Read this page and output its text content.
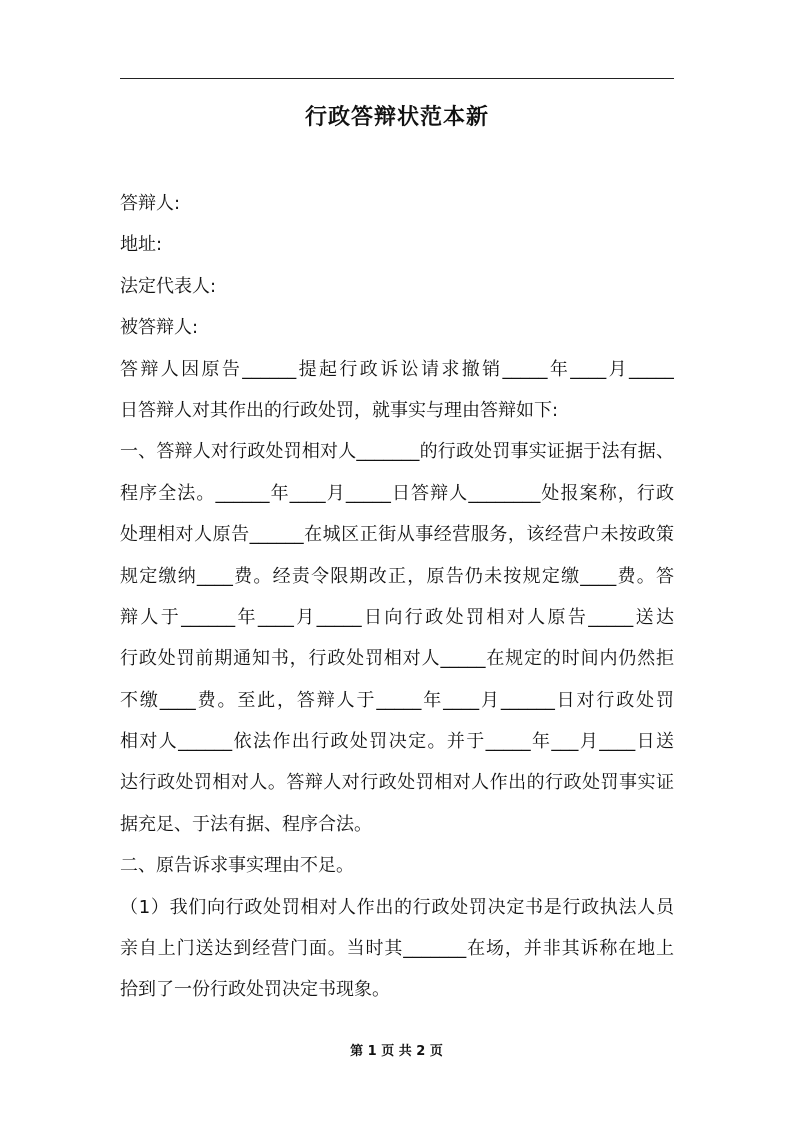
行政答辩状范本新
答辩人:
地址:
法定代表人:
被答辩人:
答辩人因原告______提起行政诉讼请求撤销_____年____月_____
日答辩人对其作出的行政处罚，就事实与理由答辩如下:
一、答辩人对行政处罚相对人_______的行政处罚事实证据于法有据、
程序全法。______年____月_____日答辩人________处报案称，行政
处理相对人原告______在城区正街从事经营服务，该经营户未按政策
规定缴纳____费。经责令限期改正，原告仍未按规定缴____费。答
辩人于______年____月_____日向行政处罚相对人原告_____送达
行政处罚前期通知书，行政处罚相对人_____在规定的时间内仍然拒
不缴____费。至此，答辩人于_____年____月______日对行政处罚
相对人______依法作出行政处罚决定。并于_____年___月____日送
达行政处罚相对人。答辩人对行政处罚相对人作出的行政处罚事实证
据充足、于法有据、程序合法。
二、原告诉求事实理由不足。
（1）我们向行政处罚相对人作出的行政处罚决定书是行政执法人员
亲自上门送达到经营门面。当时其_______在场，并非其诉称在地上
拾到了一份行政处罚决定书现象。
第 1 页 共 2 页
